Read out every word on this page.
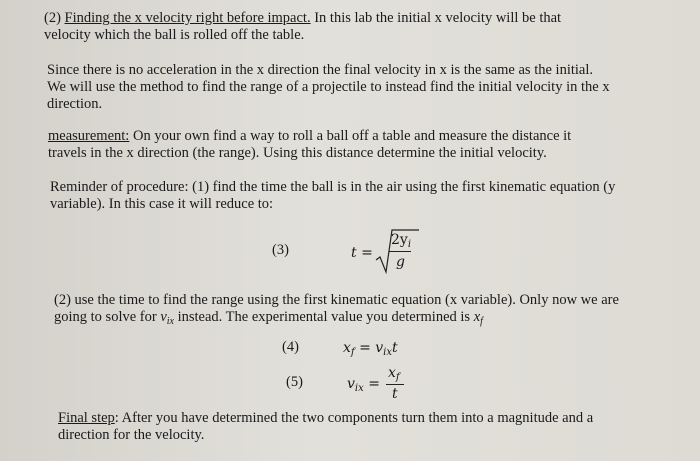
(2) Finding the x velocity right before impact. In this lab the initial x velocity will be that
velocity which the ball is rolled off the table.
Since there is no acceleration in the x direction the final velocity in x is the same as the initial.
We will use the method to find the range of a projectile to instead find the initial velocity in the x
direction.
measurement: On your own find a way to roll a ball off a table and measure the distance it
travels in the x direction (the range). Using this distance determine the initial velocity.
Reminder of procedure: (1) find the time the ball is in the air using the first kinematic equation (y
variable). In this case it will reduce to:
(3)	t =
$2y_i$
g
(2) use the time to find the range using the first kinematic equation (x variable). Only now we are
going to solve for $v_{ix}$ instead. The experimental value you determined is $x_f$
(4)	$x_f = v_{ix}t$
(5)	$v_{ix}$ =
$x_f$
t
Final step: After you have determined the two components turn them into a magnitude and a
direction for the velocity.
